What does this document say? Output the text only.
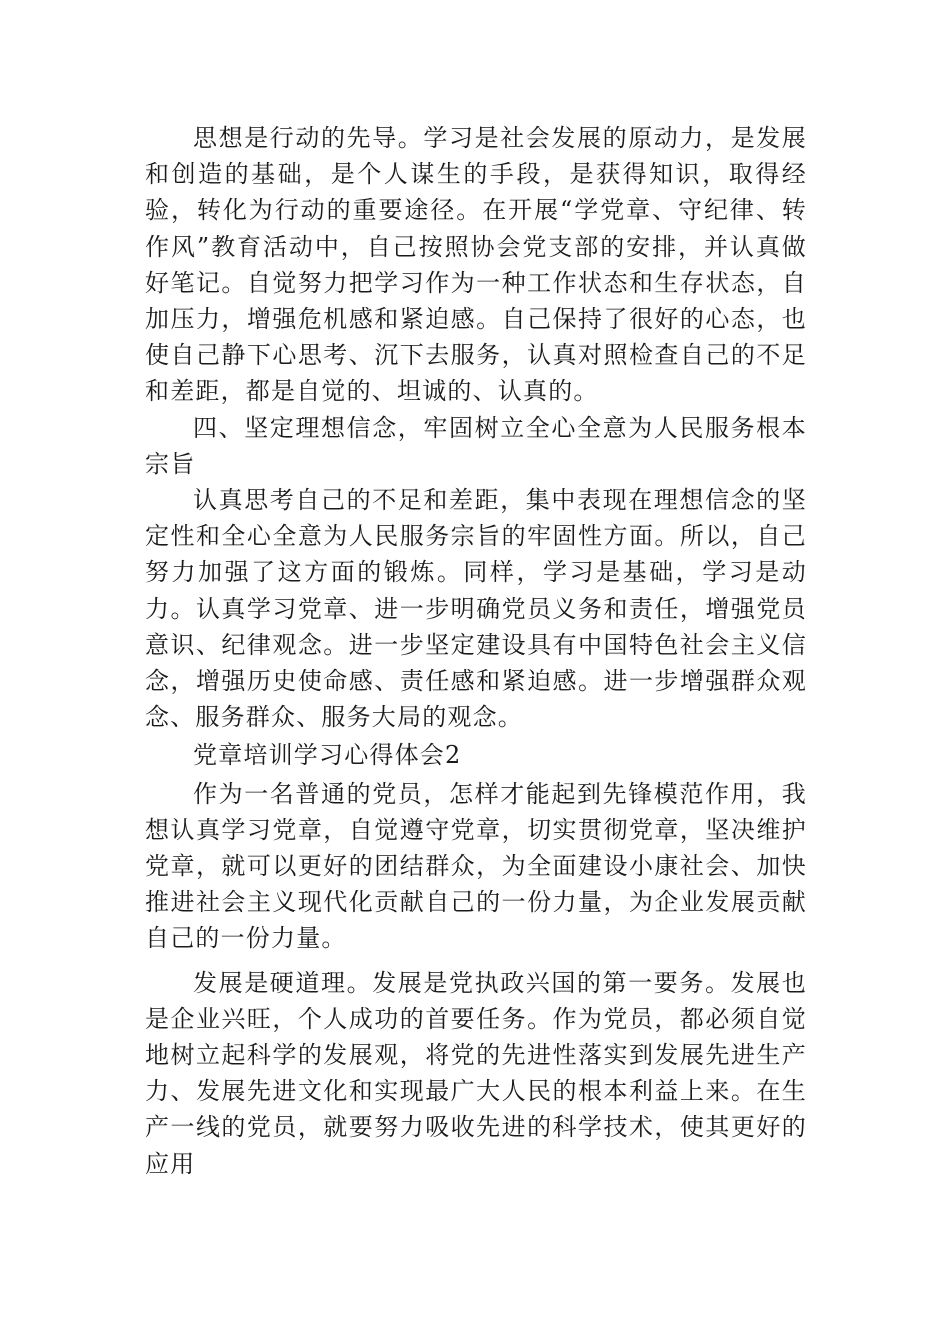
思想是行动的先导。学习是社会发展的原动力，是发展和创造的基础，是个人谋生的手段，是获得知识，取得经验，转化为行动的重要途径。在开展“学党章、守纪律、转作风”教育活动中，自己按照协会党支部的安排，并认真做好笔记。自觉努力把学习作为一种工作状态和生存状态，自加压力，增强危机感和紧迫感。自己保持了很好的心态，也使自己静下心思考、沉下去服务，认真对照检查自己的不足和差距，都是自觉的、坦诚的、认真的。

四、坚定理想信念，牢固树立全心全意为人民服务根本宗旨

认真思考自己的不足和差距，集中表现在理想信念的坚定性和全心全意为人民服务宗旨的牢固性方面。所以，自己努力加强了这方面的锻炼。同样，学习是基础，学习是动力。认真学习党章、进一步明确党员义务和责任，增强党员意识、纪律观念。进一步坚定建设具有中国特色社会主义信念，增强历史使命感、责任感和紧迫感。进一步增强群众观念、服务群众、服务大局的观念。

党章培训学习心得体会2

作为一名普通的党员，怎样才能起到先锋模范作用，我想认真学习党章，自觉遵守党章，切实贯彻党章，坚决维护党章，就可以更好的团结群众，为全面建设小康社会、加快推进社会主义现代化贡献自己的一份力量，为企业发展贡献自己的一份力量。

发展是硬道理。发展是党执政兴国的第一要务。发展也是企业兴旺，个人成功的首要任务。作为党员，都必须自觉地树立起科学的发展观，将党的先进性落实到发展先进生产力、发展先进文化和实现最广大人民的根本利益上来。在生产一线的党员，就要努力吸收先进的科学技术，使其更好的应用
